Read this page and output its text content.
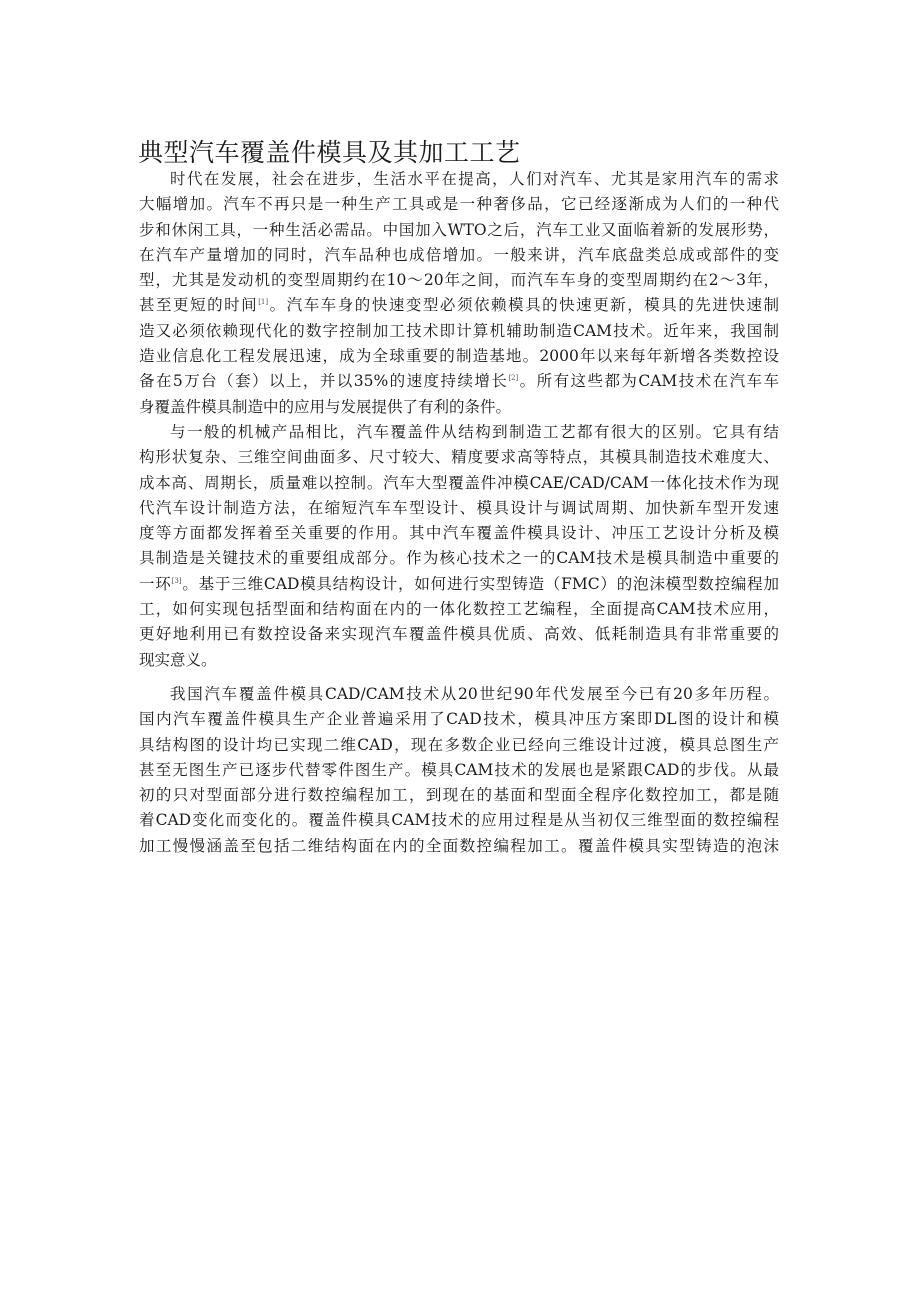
典型汽车覆盖件模具及其加工工艺

时代在发展，社会在进步，生活水平在提高，人们对汽车、尤其是家用汽车的需求
大幅增加。汽车不再只是一种生产工具或是一种奢侈品，它已经逐渐成为人们的一种代
步和休闲工具，一种生活必需品。中国加入WTO之后，汽车工业又面临着新的发展形势，
在汽车产量增加的同时，汽车品种也成倍增加。一般来讲，汽车底盘类总成或部件的变
型，尤其是发动机的变型周期约在10～20年之间，而汽车车身的变型周期约在2～3年，
甚至更短的时间[1]。汽车车身的快速变型必须依赖模具的快速更新，模具的先进快速制
造又必须依赖现代化的数字控制加工技术即计算机辅助制造CAM技术。近年来，我国制
造业信息化工程发展迅速，成为全球重要的制造基地。2000年以来每年新增各类数控设
备在5万台（套）以上，并以35%的速度持续增长[2]。所有这些都为CAM技术在汽车车
身覆盖件模具制造中的应用与发展提供了有利的条件。

与一般的机械产品相比，汽车覆盖件从结构到制造工艺都有很大的区别。它具有结
构形状复杂、三维空间曲面多、尺寸较大、精度要求高等特点，其模具制造技术难度大、
成本高、周期长，质量难以控制。汽车大型覆盖件冲模CAE/CAD/CAM一体化技术作为现
代汽车设计制造方法，在缩短汽车车型设计、模具设计与调试周期、加快新车型开发速
度等方面都发挥着至关重要的作用。其中汽车覆盖件模具设计、冲压工艺设计分析及模
具制造是关键技术的重要组成部分。作为核心技术之一的CAM技术是模具制造中重要的
一环[3]。基于三维CAD模具结构设计，如何进行实型铸造（FMC）的泡沫模型数控编程加
工，如何实现包括型面和结构面在内的一体化数控工艺编程，全面提高CAM技术应用，
更好地利用已有数控设备来实现汽车覆盖件模具优质、高效、低耗制造具有非常重要的
现实意义。

我国汽车覆盖件模具CAD/CAM技术从20世纪90年代发展至今已有20多年历程。
国内汽车覆盖件模具生产企业普遍采用了CAD技术，模具冲压方案即DL图的设计和模
具结构图的设计均已实现二维CAD，现在多数企业已经向三维设计过渡，模具总图生产
甚至无图生产已逐步代替零件图生产。模具CAM技术的发展也是紧跟CAD的步伐。从最
初的只对型面部分进行数控编程加工，到现在的基面和型面全程序化数控加工，都是随
着CAD变化而变化的。覆盖件模具CAM技术的应用过程是从当初仅三维型面的数控编程
加工慢慢涵盖至包括二维结构面在内的全面数控编程加工。覆盖件模具实型铸造的泡沫
